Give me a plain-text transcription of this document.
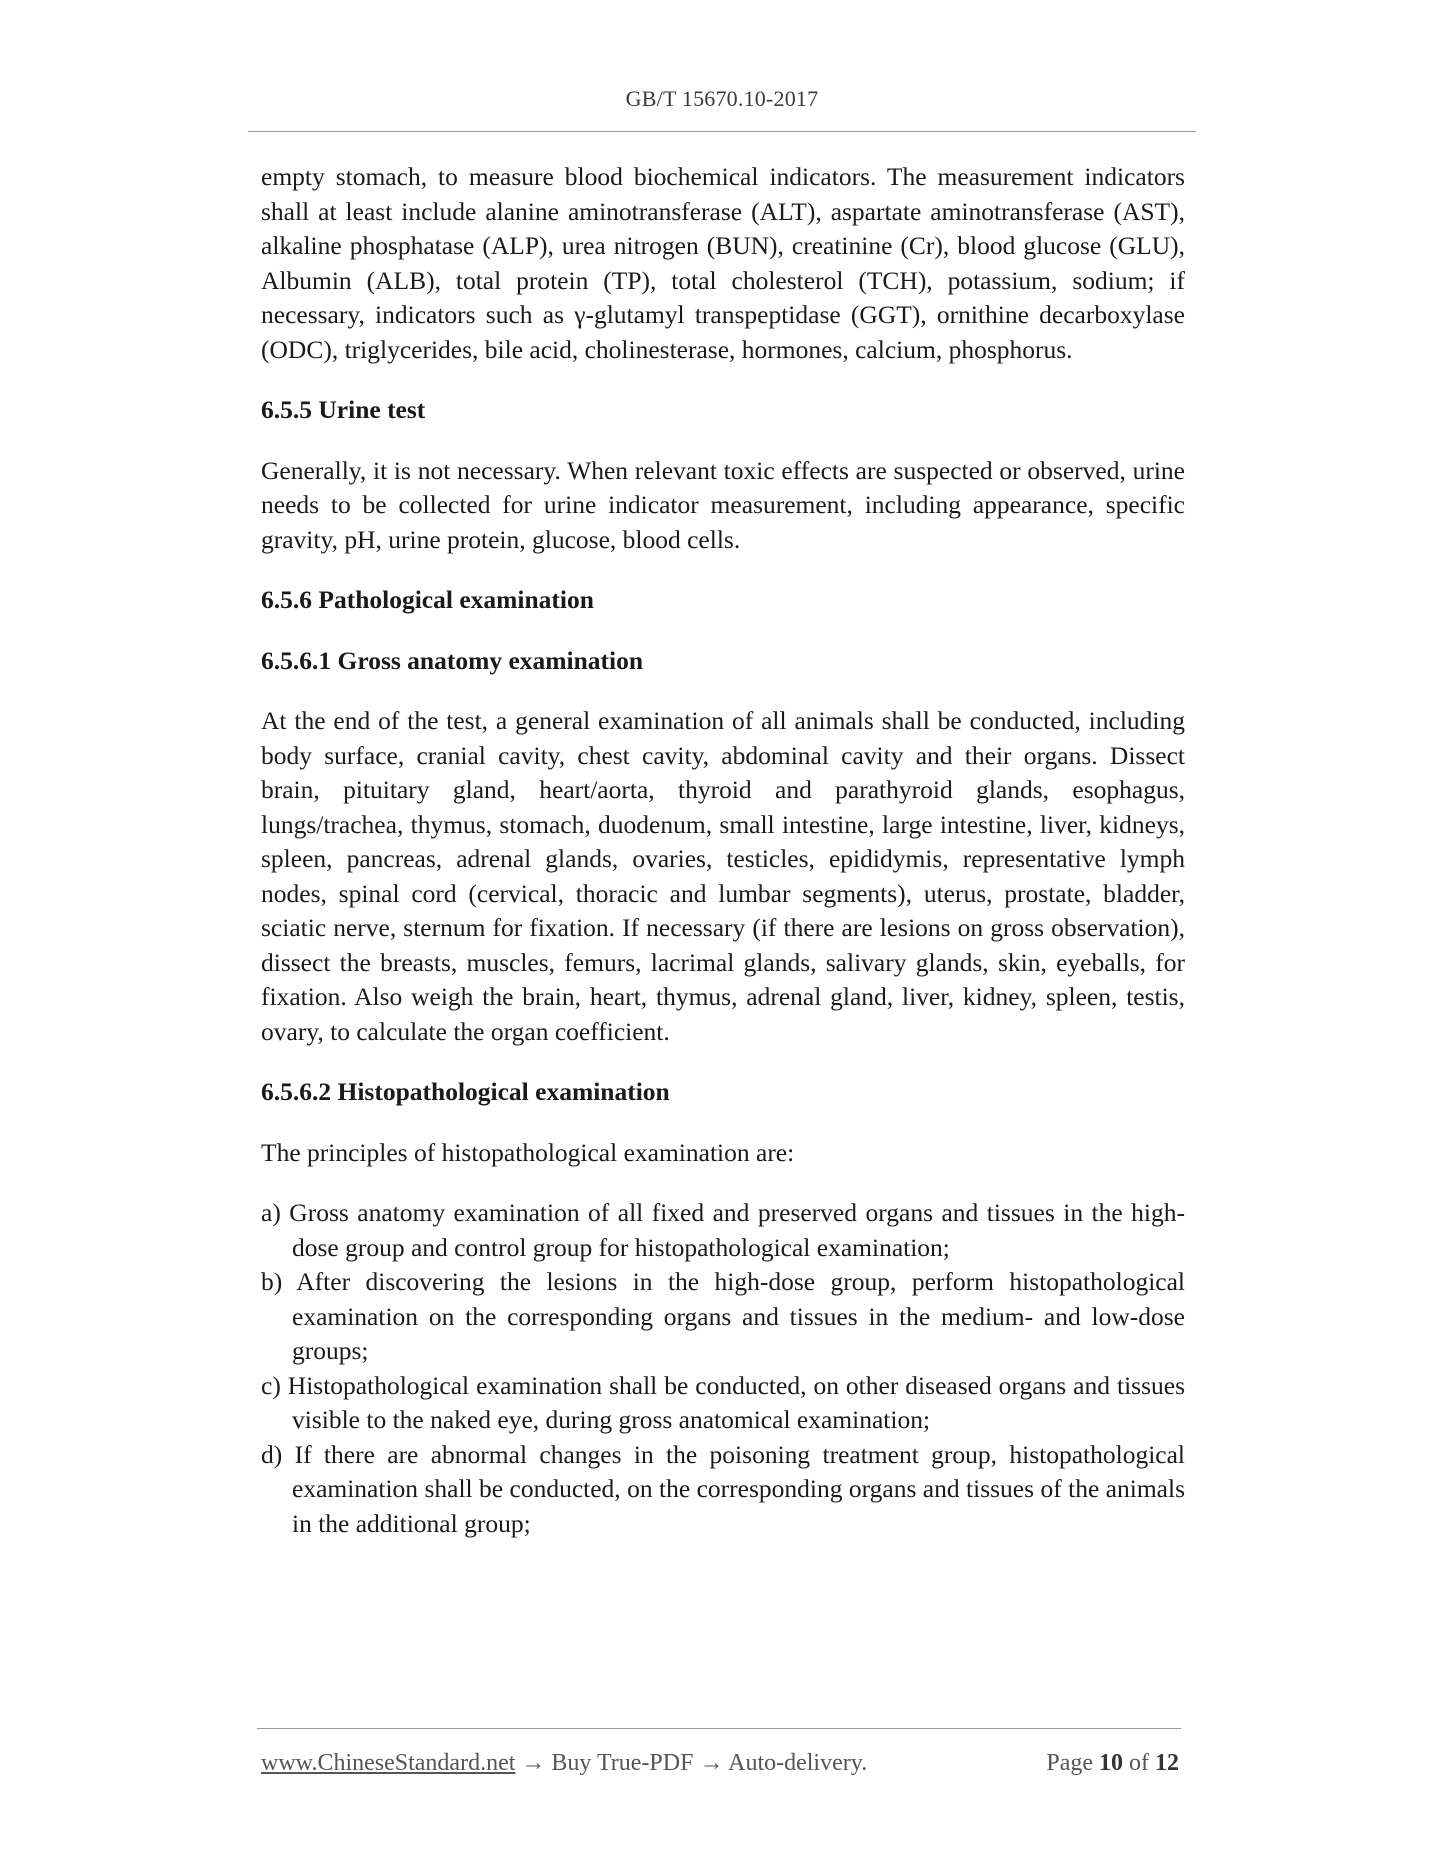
GB/T 15670.10-2017

empty stomach, to measure blood biochemical indicators. The measurement indicators shall at least include alanine aminotransferase (ALT), aspartate aminotransferase (AST), alkaline phosphatase (ALP), urea nitrogen (BUN), creatinine (Cr), blood glucose (GLU), Albumin (ALB), total protein (TP), total cholesterol (TCH), potassium, sodium; if necessary, indicators such as γ-glutamyl transpeptidase (GGT), ornithine decarboxylase (ODC), triglycerides, bile acid, cholinesterase, hormones, calcium, phosphorus.

6.5.5 Urine test

Generally, it is not necessary. When relevant toxic effects are suspected or observed, urine needs to be collected for urine indicator measurement, including appearance, specific gravity, pH, urine protein, glucose, blood cells.

6.5.6 Pathological examination
6.5.6.1 Gross anatomy examination

At the end of the test, a general examination of all animals shall be conducted, including body surface, cranial cavity, chest cavity, abdominal cavity and their organs. Dissect brain, pituitary gland, heart/aorta, thyroid and parathyroid glands, esophagus, lungs/trachea, thymus, stomach, duodenum, small intestine, large intestine, liver, kidneys, spleen, pancreas, adrenal glands, ovaries, testicles, epididymis, representative lymph nodes, spinal cord (cervical, thoracic and lumbar segments), uterus, prostate, bladder, sciatic nerve, sternum for fixation. If necessary (if there are lesions on gross observation), dissect the breasts, muscles, femurs, lacrimal glands, salivary glands, skin, eyeballs, for fixation. Also weigh the brain, heart, thymus, adrenal gland, liver, kidney, spleen, testis, ovary, to calculate the organ coefficient.

6.5.6.2 Histopathological examination

The principles of histopathological examination are:

a) Gross anatomy examination of all fixed and preserved organs and tissues in the high-dose group and control group for histopathological examination;

b) After discovering the lesions in the high-dose group, perform histopathological examination on the corresponding organs and tissues in the medium- and low-dose groups;

c) Histopathological examination shall be conducted, on other diseased organs and tissues visible to the naked eye, during gross anatomical examination;

d) If there are abnormal changes in the poisoning treatment group, histopathological examination shall be conducted, on the corresponding organs and tissues of the animals in the additional group;

www.ChineseStandard.net → Buy True-PDF → Auto-delivery.	Page 10 of 12
